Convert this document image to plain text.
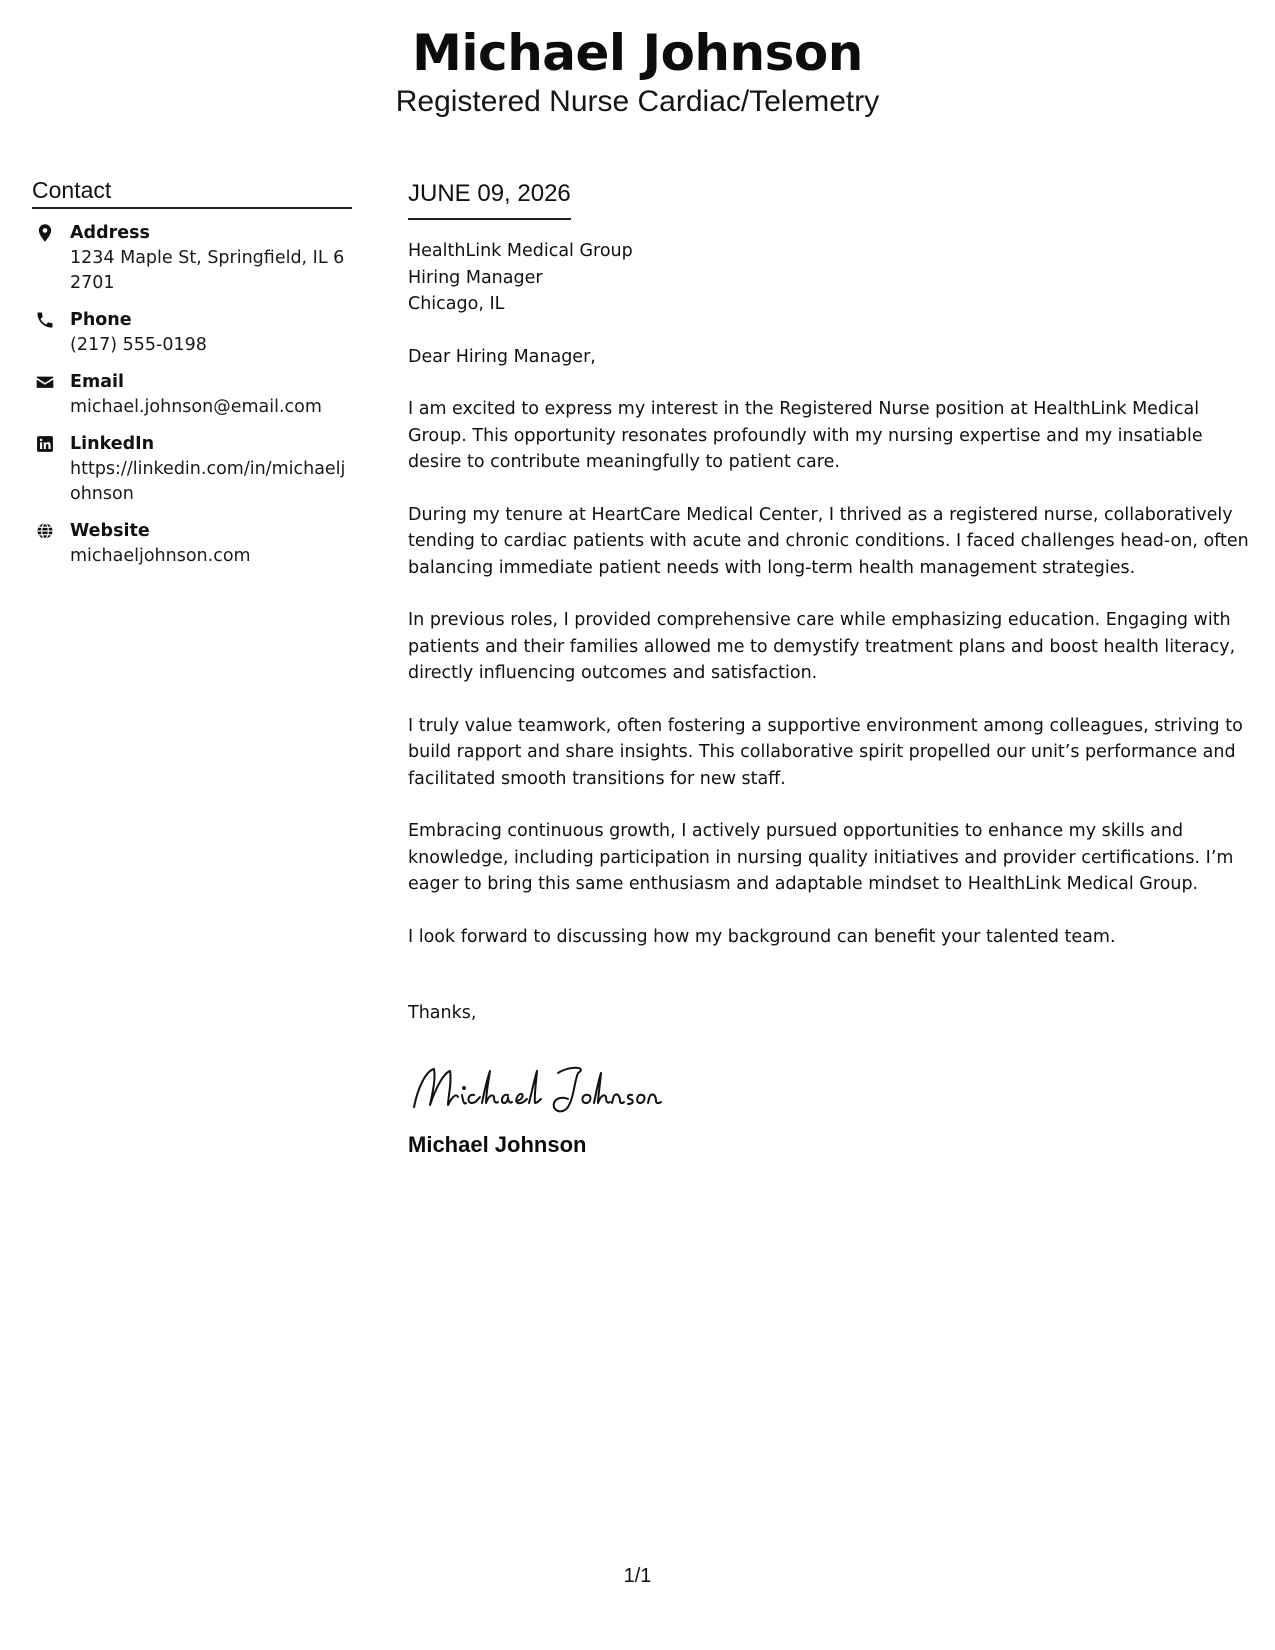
Michael Johnson
Registered Nurse Cardiac/Telemetry
Contact
Address
1234 Maple St, Springfield, IL 62701
Phone
(217) 555-0198
Email
michael.johnson@email.com
LinkedIn
https://linkedin.com/in/michaeljohnson
Website
michaeljohnson.com
JUNE 09, 2026
HealthLink Medical Group
Hiring Manager
Chicago, IL
Dear Hiring Manager,
I am excited to express my interest in the Registered Nurse position at HealthLink Medical Group. This opportunity resonates profoundly with my nursing expertise and my insatiable desire to contribute meaningfully to patient care.
During my tenure at HeartCare Medical Center, I thrived as a registered nurse, collaboratively tending to cardiac patients with acute and chronic conditions. I faced challenges head-on, often balancing immediate patient needs with long-term health management strategies.
In previous roles, I provided comprehensive care while emphasizing education. Engaging with patients and their families allowed me to demystify treatment plans and boost health literacy, directly influencing outcomes and satisfaction.
I truly value teamwork, often fostering a supportive environment among colleagues, striving to build rapport and share insights. This collaborative spirit propelled our unit’s performance and facilitated smooth transitions for new staff.
Embracing continuous growth, I actively pursued opportunities to enhance my skills and knowledge, including participation in nursing quality initiatives and provider certifications. I’m eager to bring this same enthusiasm and adaptable mindset to HealthLink Medical Group.
I look forward to discussing how my background can benefit your talented team.
Thanks,
Michael Johnson
1/1
